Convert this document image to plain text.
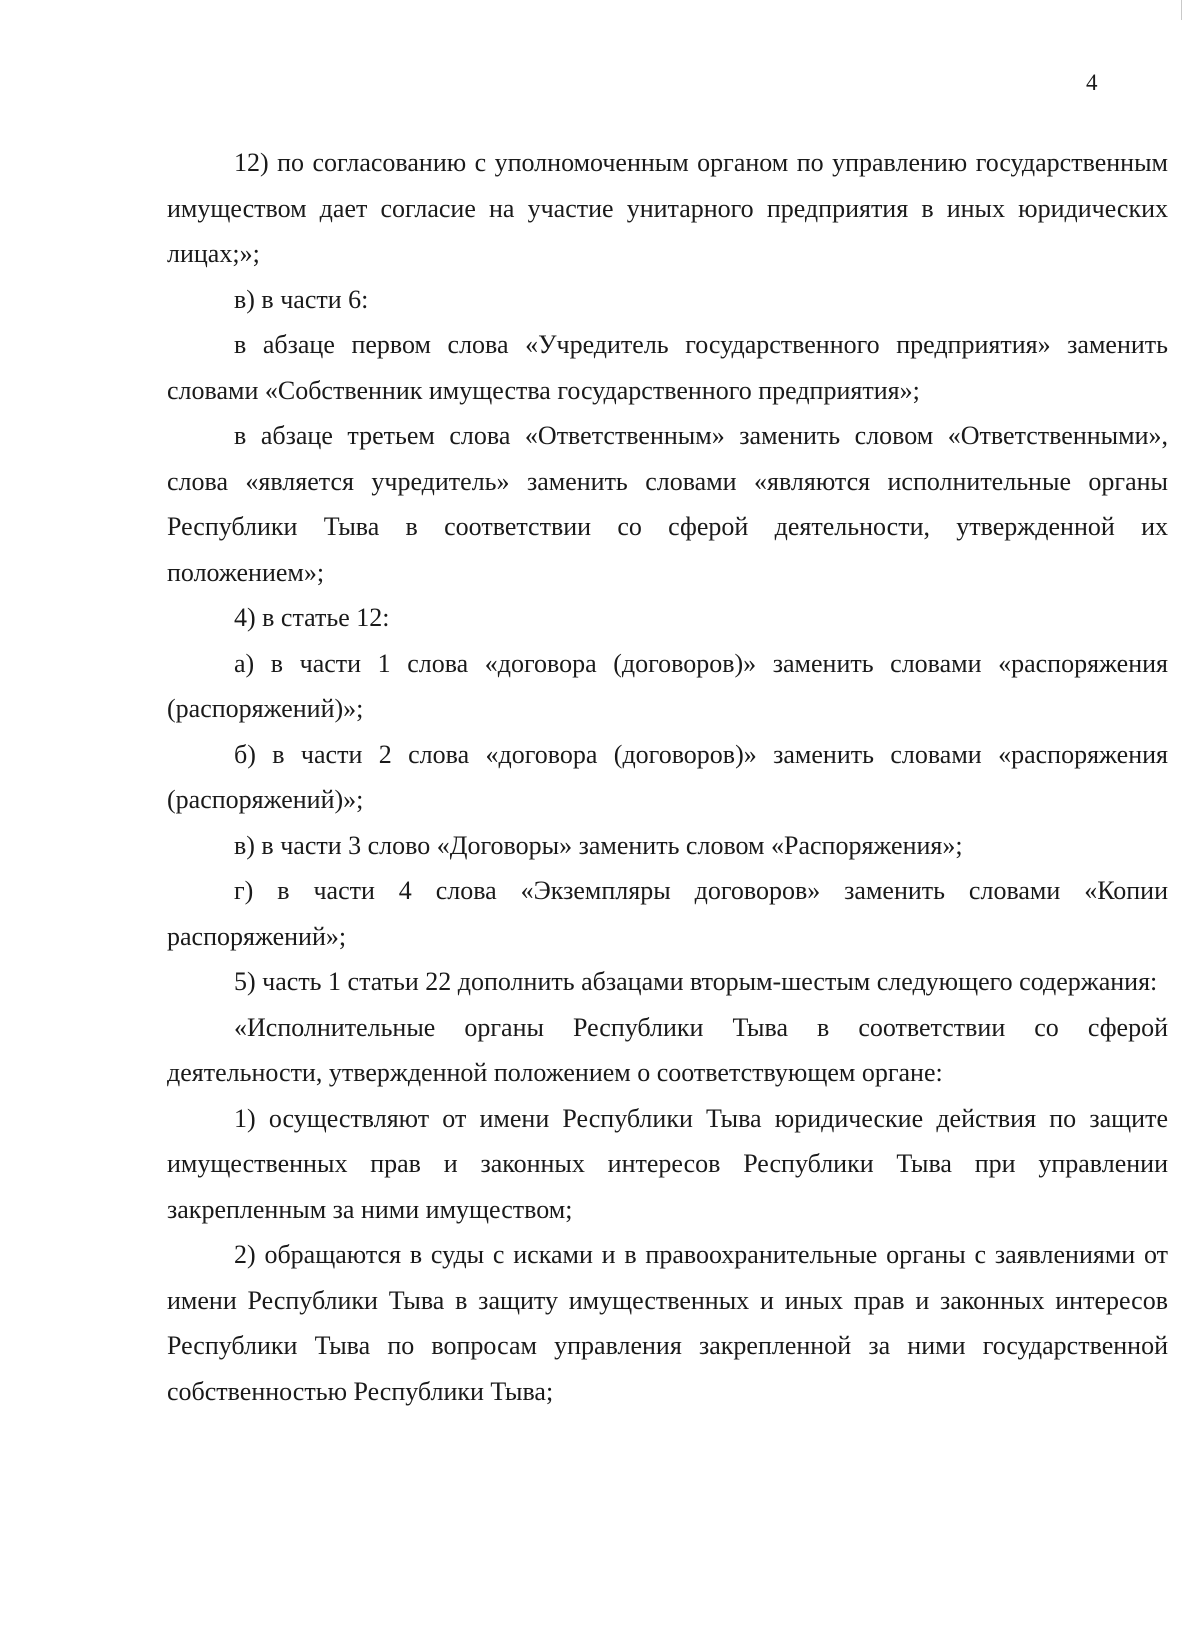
4

12) по согласованию с уполномоченным органом по управлению государственным имуществом дает согласие на участие унитарного предприятия в иных юридических лицах;»;

в) в части 6:

в абзаце первом слова «Учредитель государственного предприятия» заменить словами «Собственник имущества государственного предприятия»;

в абзаце третьем слова «Ответственным» заменить словом «Ответственными», слова «является учредитель» заменить словами «являются исполнительные органы Республики Тыва в соответствии со сферой деятельности, утвержденной их положением»;

4) в статье 12:

а) в части 1 слова «договора (договоров)» заменить словами «распоряжения (распоряжений)»;

б) в части 2 слова «договора (договоров)» заменить словами «распоряжения (распоряжений)»;

в) в части 3 слово «Договоры» заменить словом «Распоряжения»;

г) в части 4 слова «Экземпляры договоров» заменить словами «Копии распоряжений»;

5) часть 1 статьи 22 дополнить абзацами вторым-шестым следующего содержания:

«Исполнительные органы Республики Тыва в соответствии со сферой деятельности, утвержденной положением о соответствующем органе:

1) осуществляют от имени Республики Тыва юридические действия по защите имущественных прав и законных интересов Республики Тыва при управлении закрепленным за ними имуществом;

2) обращаются в суды с исками и в правоохранительные органы с заявлениями от имени Республики Тыва в защиту имущественных и иных прав и законных интересов Республики Тыва по вопросам управления закрепленной за ними государственной собственностью Республики Тыва;
